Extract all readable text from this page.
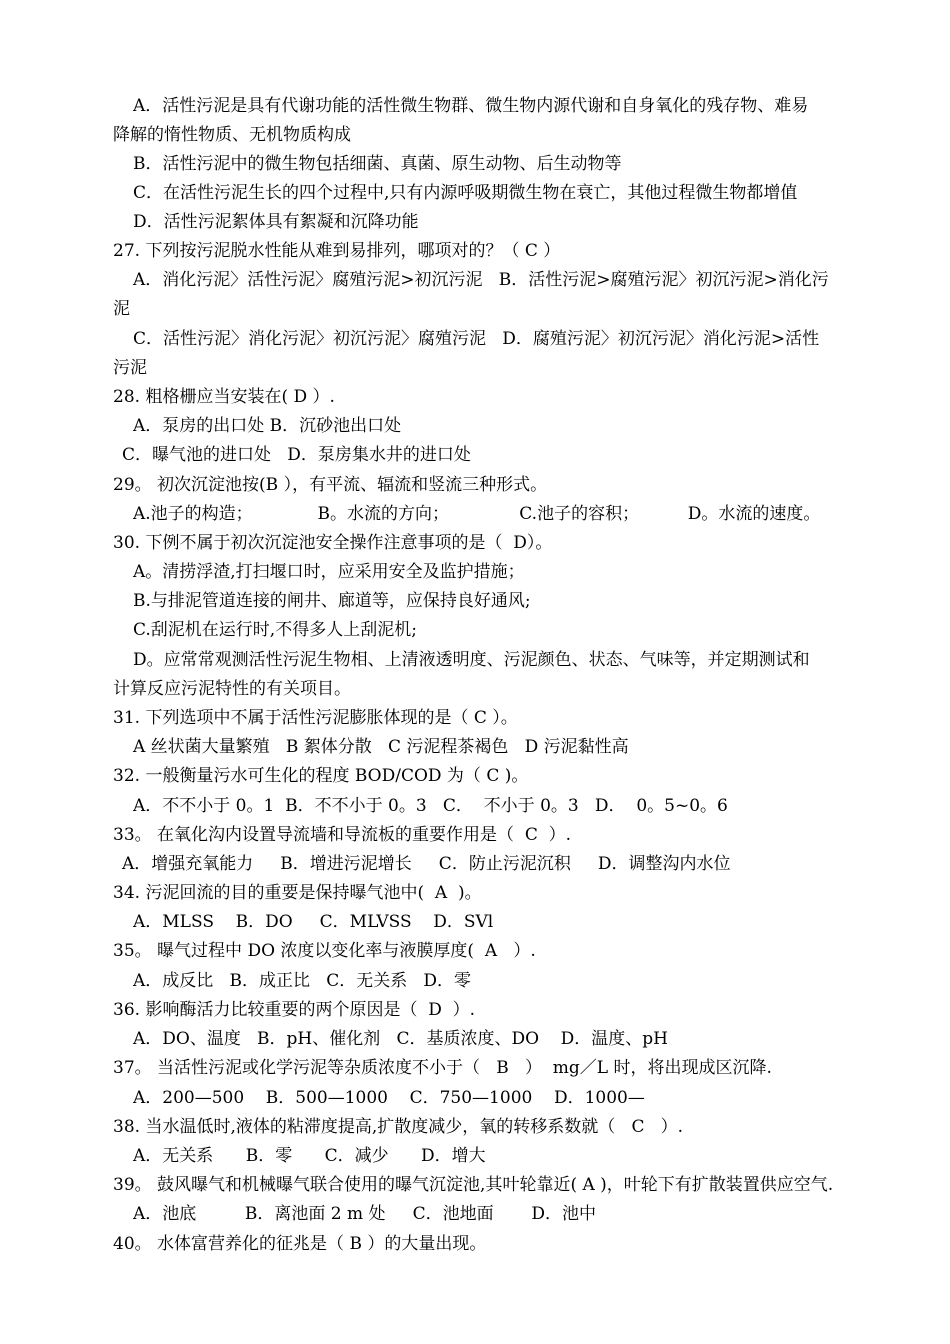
A．活性污泥是具有代谢功能的活性微生物群、微生物内源代谢和自身氧化的残存物、难易
降解的惰性物质、无机物质构成
B．活性污泥中的微生物包括细菌、真菌、原生动物、后生动物等
C．在活性污泥生长的四个过程中,只有内源呼吸期微生物在衰亡，其他过程微生物都增值
D．活性污泥絮体具有絮凝和沉降功能
27. 下列按污泥脱水性能从难到易排列，哪项对的？（ C ）
A．消化污泥〉活性污泥〉腐殖污泥>初沉污泥   B．活性污泥>腐殖污泥〉初沉污泥>消化污
泥
C．活性污泥〉消化污泥〉初沉污泥〉腐殖污泥   D．腐殖污泥〉初沉污泥〉消化污泥>活性
污泥
28. 粗格栅应当安装在( D ）.
A．泵房的出口处 B．沉砂池出口处
C．曝气池的进口处   D．泵房集水井的进口处
29。 初次沉淀池按(B ），有平流、辐流和竖流三种形式。
A.池子的构造；            B。水流的方向；             C.池子的容积；         D。水流的速度。
30. 下例不属于初次沉淀池安全操作注意事项的是（  D）。
A。清捞浮渣,打扫堰口时，应采用安全及监护措施；
B.与排泥管道连接的闸井、廊道等，应保持良好通风;
C.刮泥机在运行时,不得多人上刮泥机;
D。应常常观测活性污泥生物相、上清液透明度、污泥颜色、状态、气味等，并定期测试和
计算反应污泥特性的有关项目。
31. 下列选项中不属于活性污泥膨胀体现的是（ C ）。
A 丝状菌大量繁殖   B 絮体分散   C 污泥程茶褐色   D 污泥黏性高
32. 一般衡量污水可生化的程度 BOD/COD 为（ C )。
A．不不小于 0。1  B．不不小于 0。3   C．  不小于 0。3   D．  0。5~0。6
33。 在氧化沟内设置导流墙和导流板的重要作用是（  C  ）.
A．增强充氧能力     B．增进污泥增长     C．防止污泥沉积     D．调整沟内水位
34. 污泥回流的目的重要是保持曝气池中(  A  )。
A．MLSS    B．DO     C．MLVSS    D．SVl
35。 曝气过程中 DO 浓度以变化率与液膜厚度(  A   ）.
A．成反比   B．成正比   C．无关系   D．零
36. 影响酶活力比较重要的两个原因是（  D  ）.
A．DO、温度   B．pH、催化剂   C．基质浓度、DO    D．温度、pH
37。 当活性污泥或化学污泥等杂质浓度不小于（   B   ）  mg／L 时，将出现成区沉降.
A．200—500    B．500—1000    C．750—1000    D．1000—
38. 当水温低时,液体的粘滞度提高,扩散度减少，氧的转移系数就（   C   ）.
A．无关系      B．零      C．减少      D．增大
39。 鼓风曝气和机械曝气联合使用的曝气沉淀池,其叶轮靠近( A )，叶轮下有扩散装置供应空气.
A．池底         B．离池面 2 m 处     C．池地面       D．池中
40。 水体富营养化的征兆是（ B ）的大量出现。
